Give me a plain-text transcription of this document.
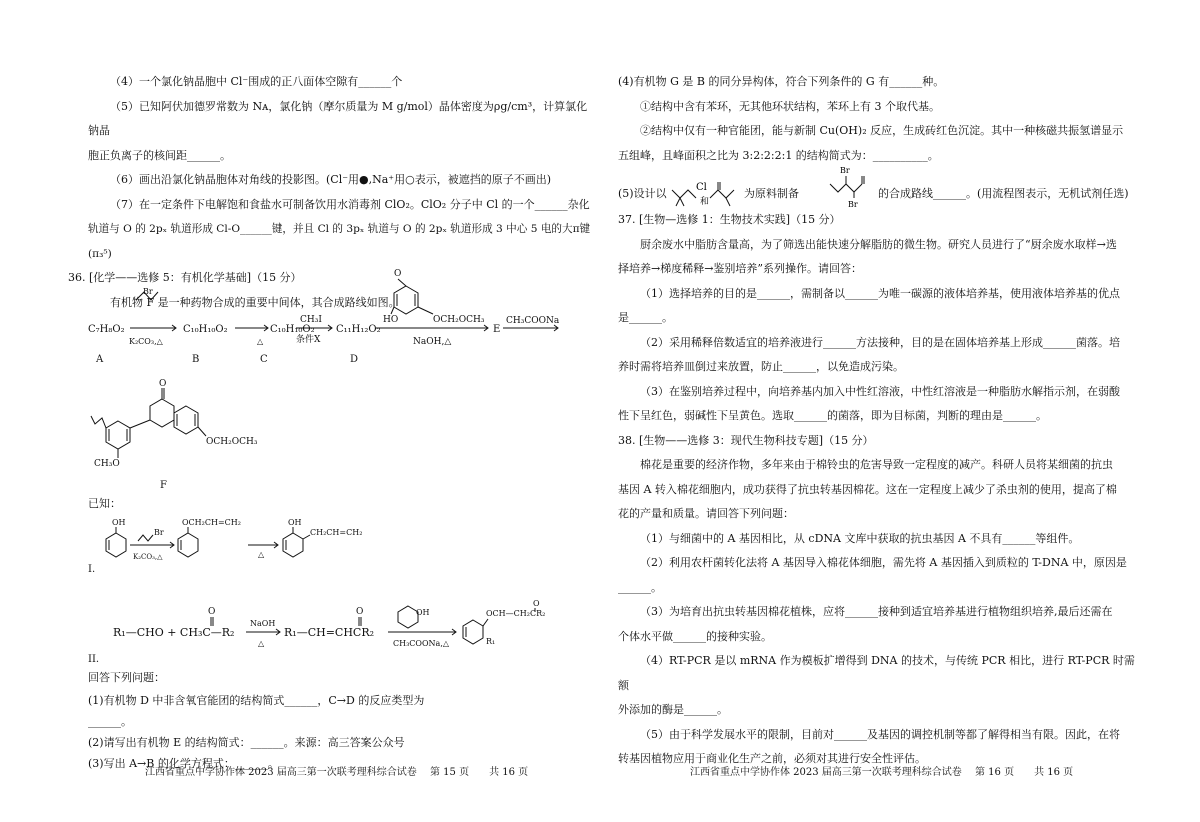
（4）一个氯化钠晶胞中 Cl⁻围成的正八面体空隙有______个

（5）已知阿伏加德罗常数为 Nᴀ，氯化钠（摩尔质量为 M g/mol）晶体密度为ρg/cm³，计算氯化钠晶

胞正负离子的核间距______。

（6）画出沿氯化钠晶胞体对角线的投影图。(Cl⁻用●,Na⁺用○表示，被遮挡的原子不画出)

（7）在一定条件下电解饱和食盐水可制备饮用水消毒剂 ClO₂。ClO₂ 分子中 Cl 的一个______杂化

轨道与 O 的 2pₓ 轨道形成 Cl-O______键，并且 Cl 的 3pₓ 轨道与 O 的 2pₓ 轨道形成 3 中心 5 电的大π键(π₃⁵)

36. [化学——选修 5：有机化学基础]（15 分）

有机物 F 是一种药物合成的重要中间体，其合成路线如图。

C₇H₈O₂
Br
K₂CO₃,△
C₁₀H₁₀O₂
△
C₁₀H₁₀O₂
CH₃I
条件X
C₁₁H₁₂O₂
O
HO	OCH₂OCH₃
NaOH,△
E
CH₃COONa
A	B	C	D
O
CH₃O
OCH₂OCH₃
F

已知：

OH
Br
K₂CO₃,△
OCH₂CH=CH₂
△
OH
CH₂CH=CH₂
I.
R₁—CHO + CH₃C—R₂
O
NaOH
△
R₁—CH=CHCR₂
O	OH
CH₃COONa,△
OCH—CH₂CR₂
O
R₁
II.

回答下列问题：

(1)有机物 D 中非含氧官能团的结构简式______，C→D 的反应类型为

______。

(2)请写出有机物 E 的结构简式：______。来源：高三答案公众号

(3)写出 A→B 的化学方程式：______。

江西省重点中学协作体 2023 届高三第一次联考理科综合试卷　 第 15 页　　共 16 页

(4)有机物 G 是 B 的同分异构体，符合下列条件的 G 有______种。

①结构中含有苯环，无其他环状结构，苯环上有 3 个取代基。

②结构中仅有一种官能团，能与新制 Cu(OH)₂ 反应，生成砖红色沉淀。其中一种核磁共振氢谱显示

五组峰，且峰面积之比为 3:2:2:2:1 的结构简式为：__________。

(5)设计以	Cl
和
为原料制备
Br
Br
的合成路线______。(用流程图表示，无机试剂任选)

37. [生物—选修 1：生物技术实践]（15 分）

厨余废水中脂肪含量高，为了筛选出能快速分解脂肪的微生物。研究人员进行了“厨余废水取样→选

择培养→梯度稀释→鉴别培养”系列操作。请回答：

（1）选择培养的目的是______，需制备以______为唯一碳源的液体培养基，使用液体培养基的优点

是______。

（2）采用稀释倍数适宜的培养液进行______方法接种，目的是在固体培养基上形成______菌落。培

养时需将培养皿倒过来放置，防止______，以免造成污染。

（3）在鉴别培养过程中，向培养基内加入中性红溶液，中性红溶液是一种脂肪水解指示剂，在弱酸

性下呈红色，弱碱性下呈黄色。选取______的菌落，即为目标菌，判断的理由是______。

38. [生物——选修 3：现代生物科技专题]（15 分）

棉花是重要的经济作物，多年来由于棉铃虫的危害导致一定程度的减产。科研人员将某细菌的抗虫

基因 A 转入棉花细胞内，成功获得了抗虫转基因棉花。这在一定程度上减少了杀虫剂的使用，提高了棉

花的产量和质量。请回答下列问题：

（1）与细菌中的 A 基因相比，从 cDNA 文库中获取的抗虫基因 A 不具有______等组件。

（2）利用农杆菌转化法将 A 基因导入棉花体细胞，需先将 A 基因插入到质粒的 T-DNA 中，原因是

______。

（3）为培育出抗虫转基因棉花植株，应将______接种到适宜培养基进行植物组织培养,最后还需在

个体水平做______的接种实验。

（4）RT-PCR 是以 mRNA 作为模板扩增得到 DNA 的技术，与传统 PCR 相比，进行 RT-PCR 时需额

外添加的酶是______。

（5）由于科学发展水平的限制，目前对______及基因的调控机制等都了解得相当有限。因此，在将

转基因植物应用于商业化生产之前，必须对其进行安全性评估。

江西省重点中学协作体 2023 届高三第一次联考理科综合试卷　 第 16 页　　共 16 页
